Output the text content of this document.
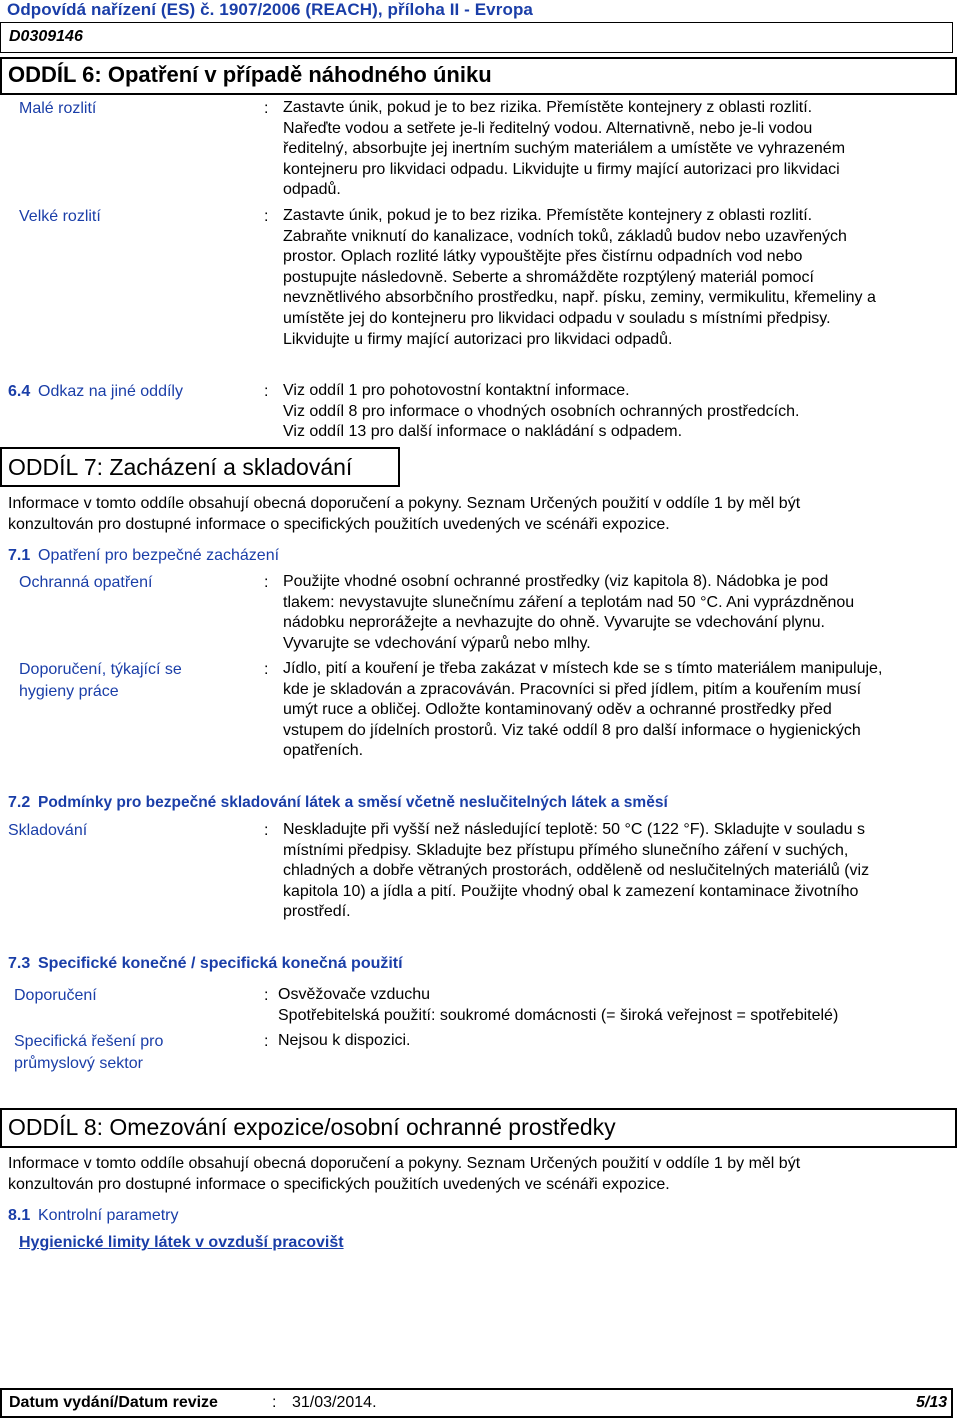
Odpovídá nařízení (ES) č. 1907/2006 (REACH), příloha II - Evropa
D0309146
ODDÍL 6: Opatření v případě náhodného úniku
Malé rozlití	: Zastavte únik, pokud je to bez rizika. Přemístěte kontejnery z oblasti rozlití.

Nařeďte vodou a setřete je-li ředitelný vodou. Alternativně, nebo je-li vodou

ředitelný, absorbujte jej inertním suchým materiálem a umístěte ve vyhrazeném

kontejneru pro likvidaci odpadu. Likvidujte u firmy mající autorizaci pro likvidaci

odpadů.

Velké rozlití	: Zastavte únik, pokud je to bez rizika. Přemístěte kontejnery z oblasti rozlití.

Zabraňte vniknutí do kanalizace, vodních toků, základů budov nebo uzavřených

prostor. Oplach rozlité látky vypouštějte přes čistírnu odpadních vod nebo

postupujte následovně. Seberte a shromážděte rozptýlený materiál pomocí

nevznětlivého absorbčního prostředku, např. písku, zeminy, vermikulitu, křemeliny a

umístěte jej do kontejneru pro likvidaci odpadu v souladu s místními předpisy.

Likvidujte u firmy mající autorizaci pro likvidaci odpadů.

6.4 Odkaz na jiné oddíly	: Viz oddíl 1 pro pohotovostní kontaktní informace.

Viz oddíl 8 pro informace o vhodných osobních ochranných prostředcích.

Viz oddíl 13 pro další informace o nakládání s odpadem.

ODDÍL 7: Zacházení a skladování

Informace v tomto oddíle obsahují obecná doporučení a pokyny. Seznam Určených použití v oddíle 1 by měl být

konzultován pro dostupné informace o specifických použitích uvedených ve scénáři expozice.

7.1 Opatření pro bezpečné zacházení
Ochranná opatření	: Použijte vhodné osobní ochranné prostředky (viz kapitola 8). Nádobka je pod

tlakem: nevystavujte slunečnímu záření a teplotám nad 50 °C. Ani vyprázdněnou

nádobku neprorážejte a nevhazujte do ohně. Vyvarujte se vdechování plynu.

Vyvarujte se vdechování výparů nebo mlhy.

Doporučení, týkající se

hygieny práce

: Jídlo, pití a kouření je třeba zakázat v místech kde se s tímto materiálem manipuluje,

kde je skladován a zpracováván. Pracovníci si před jídlem, pitím a kouřením musí

umýt ruce a obličej. Odložte kontaminovaný oděv a ochranné prostředky před

vstupem do jídelních prostorů. Viz také oddíl 8 pro další informace o hygienických

opatřeních.

7.2 Podmínky pro bezpečné skladování látek a směsí včetně neslučitelných látek a směsí
Skladování	: Neskladujte při vyšší než následující teplotě: 50 °C (122 °F). Skladujte v souladu s

místními předpisy. Skladujte bez přístupu přímého slunečního záření v suchých,

chladných a dobře větraných prostorách, odděleně od neslučitelných materiálů (viz

kapitola 10) a jídla a pití. Použijte vhodný obal k zamezení kontaminace životního

prostředí.

7.3 Specifické konečné / specifická konečná použití
Doporučení	: Osvěžovače vzduchu

Spotřebitelská použití: soukromé domácnosti (= široká veřejnost = spotřebitelé)

Specifická řešení pro

průmyslový sektor

: Nejsou k dispozici.
ODDÍL 8: Omezování expozice/osobní ochranné prostředky

Informace v tomto oddíle obsahují obecná doporučení a pokyny. Seznam Určených použití v oddíle 1 by měl být

konzultován pro dostupné informace o specifických použitích uvedených ve scénáři expozice.

8.1 Kontrolní parametry
Hygienické limity látek v ovzduší pracovišt
Datum vydání/Datum revize	: 31/03/2014.	5/13
